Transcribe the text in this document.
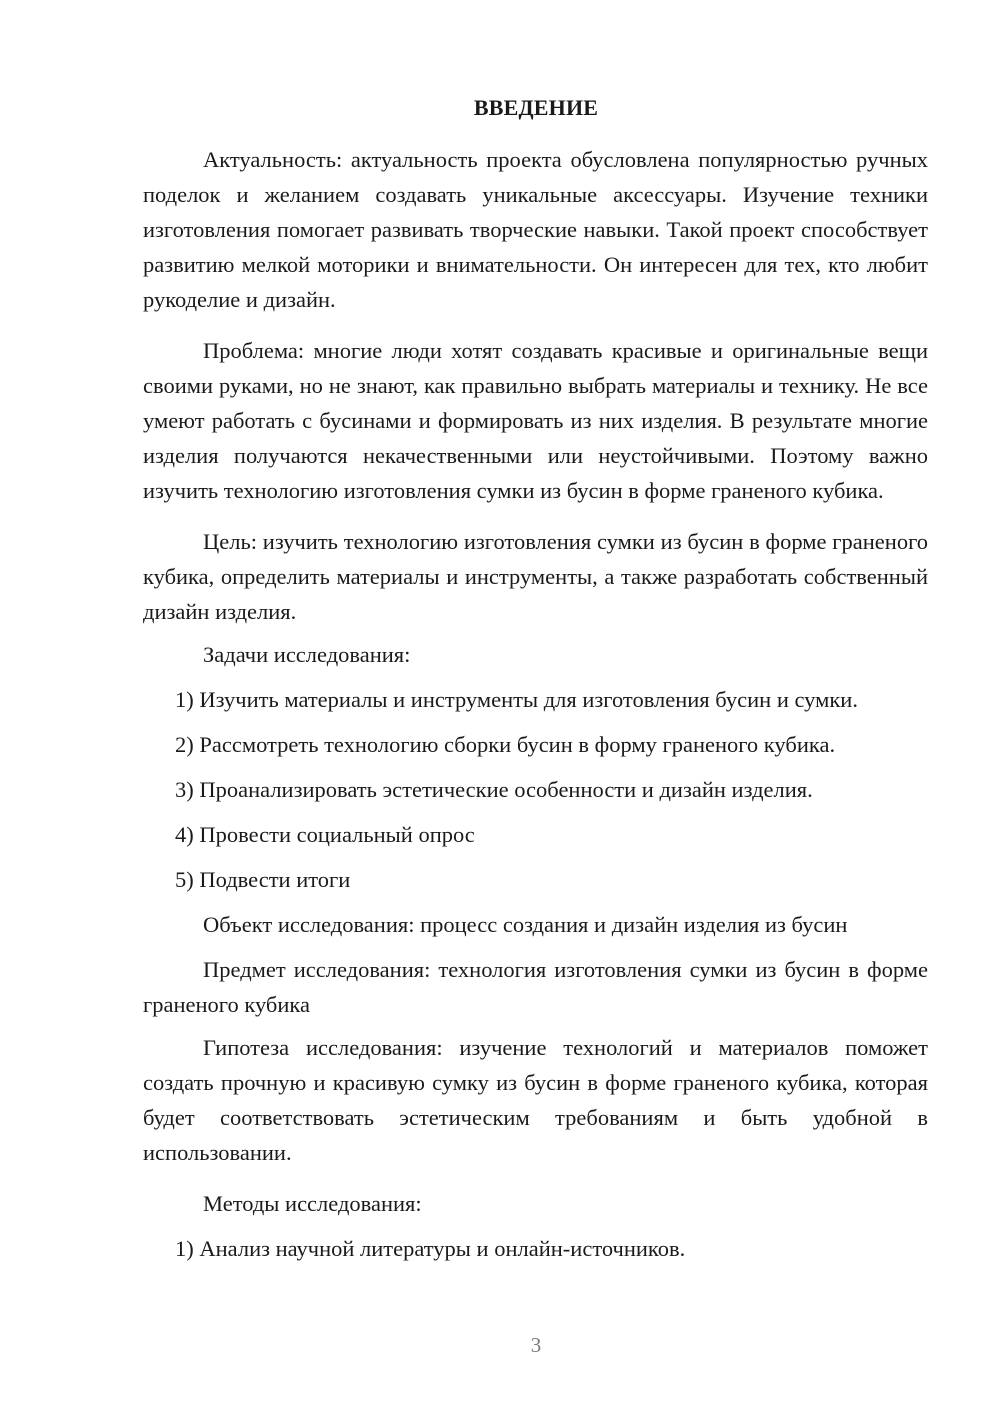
ВВЕДЕНИЕ

Актуальность: актуальность проекта обусловлена популярностью ручных поделок и желанием создавать уникальные аксессуары. Изучение техники изготовления помогает развивать творческие навыки. Такой проект способствует развитию мелкой моторики и внимательности. Он интересен для тех, кто любит рукоделие и дизайн.

Проблема: многие люди хотят создавать красивые и оригинальные вещи своими руками, но не знают, как правильно выбрать материалы и технику. Не все умеют работать с бусинами и формировать из них изделия. В результате многие изделия получаются некачественными или неустойчивыми. Поэтому важно изучить технологию изготовления сумки из бусин в форме граненого кубика.

Цель: изучить технологию изготовления сумки из бусин в форме граненого кубика, определить материалы и инструменты, а также разработать собственный дизайн изделия.

Задачи исследования:

1) Изучить материалы и инструменты для изготовления бусин и сумки.

2) Рассмотреть технологию сборки бусин в форму граненого кубика.

3) Проанализировать эстетические особенности и дизайн изделия.

4) Провести социальный опрос

5) Подвести итоги

Объект исследования: процесс создания и дизайн изделия из бусин

Предмет исследования: технология изготовления сумки из бусин в форме граненого кубика

Гипотеза исследования: изучение технологий и материалов поможет создать прочную и красивую сумку из бусин в форме граненого кубика, которая будет соответствовать эстетическим требованиям и быть удобной в использовании.

Методы исследования:

1) Анализ научной литературы и онлайн-источников.

3
